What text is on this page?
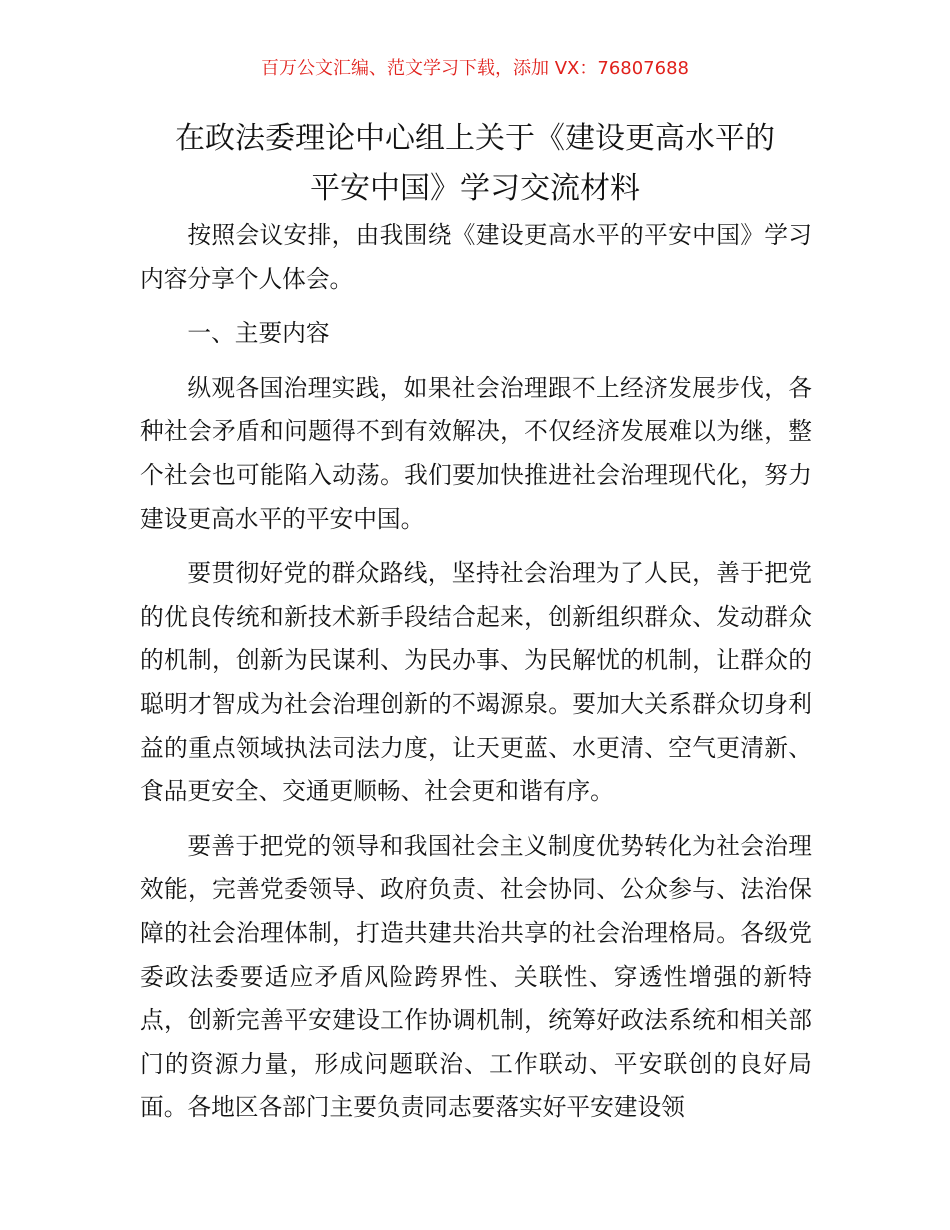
百万公文汇编、范文学习下载，添加 VX：76807688
在政法委理论中心组上关于《建设更高水平的
平安中国》学习交流材料

按照会议安排，由我围绕《建设更高水平的平安中国》学习内容分享个人体会。

一、主要内容

纵观各国治理实践，如果社会治理跟不上经济发展步伐，各种社会矛盾和问题得不到有效解决，不仅经济发展难以为继，整个社会也可能陷入动荡。我们要加快推进社会治理现代化，努力建设更高水平的平安中国。

要贯彻好党的群众路线，坚持社会治理为了人民，善于把党的优良传统和新技术新手段结合起来，创新组织群众、发动群众的机制，创新为民谋利、为民办事、为民解忧的机制，让群众的聪明才智成为社会治理创新的不竭源泉。要加大关系群众切身利益的重点领域执法司法力度，让天更蓝、水更清、空气更清新、食品更安全、交通更顺畅、社会更和谐有序。

要善于把党的领导和我国社会主义制度优势转化为社会治理效能，完善党委领导、政府负责、社会协同、公众参与、法治保障的社会治理体制，打造共建共治共享的社会治理格局。各级党委政法委要适应矛盾风险跨界性、关联性、穿透性增强的新特点，创新完善平安建设工作协调机制，统筹好政法系统和相关部门的资源力量，形成问题联治、工作联动、平安联创的良好局面。各地区各部门主要负责同志要落实好平安建设领
